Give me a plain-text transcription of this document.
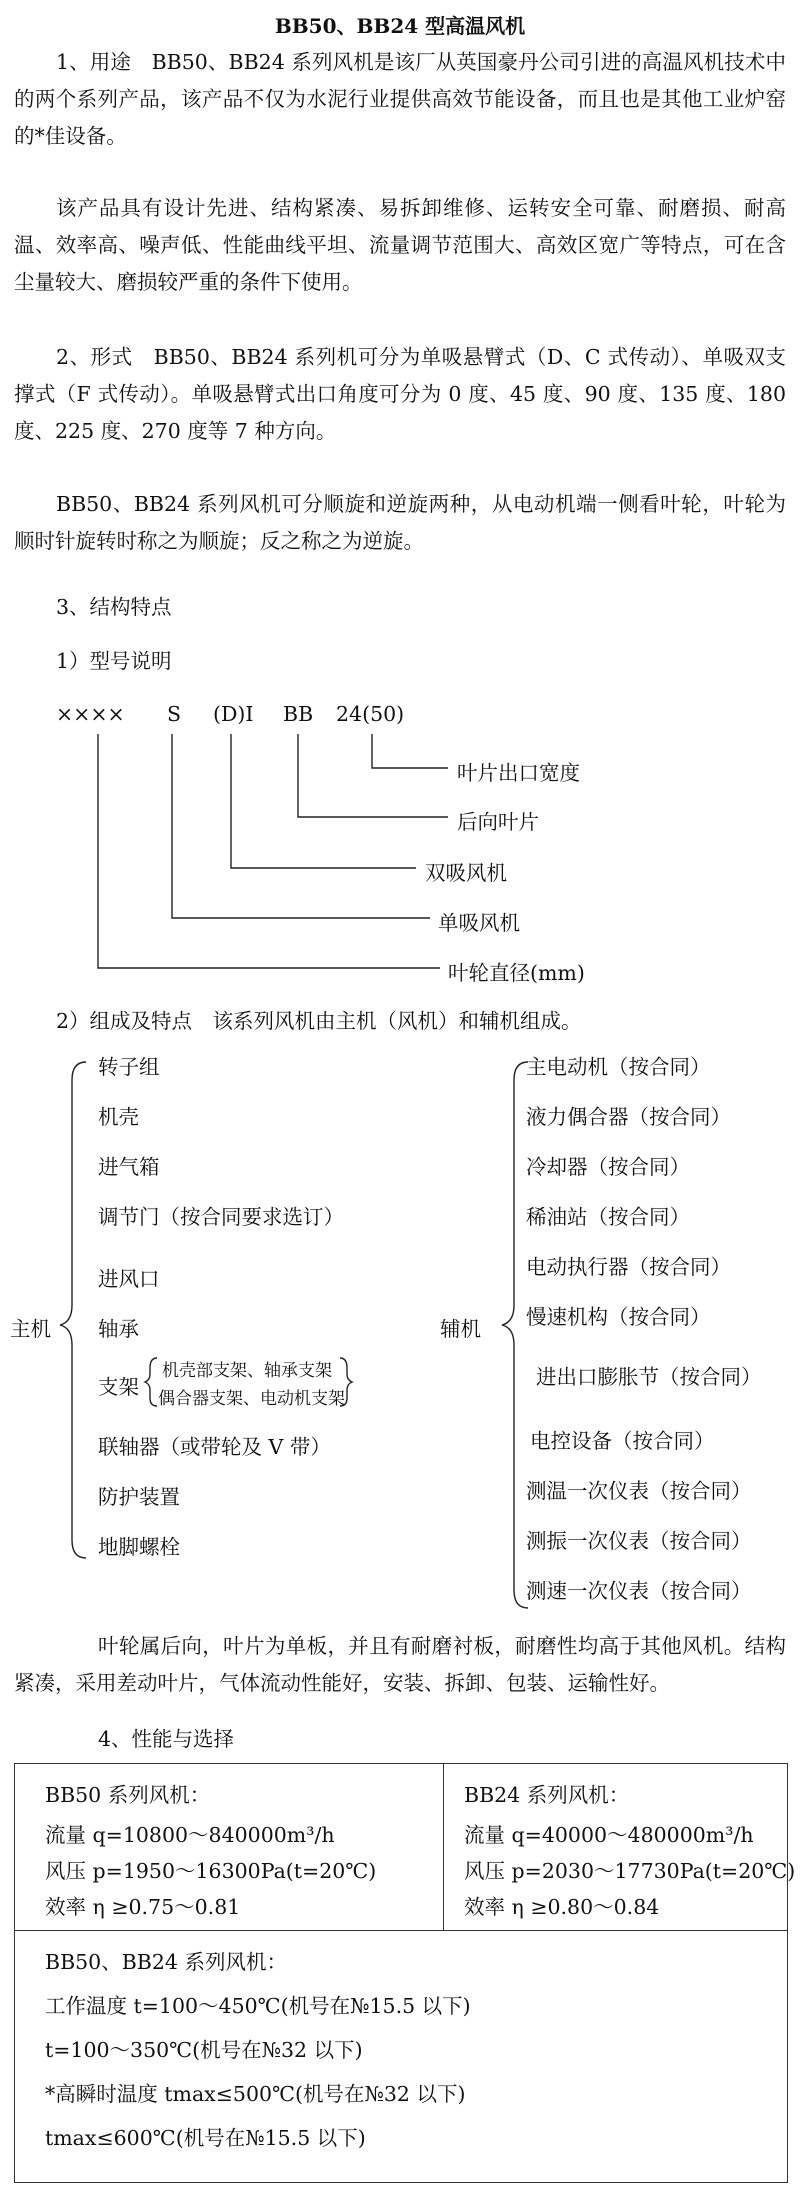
BB50、BB24 型高温风机
1、用途　BB50、BB24 系列风机是该厂从英国豪丹公司引进的高温风机技术中的两个系列产品，该产品不仅为水泥行业提供高效节能设备，而且也是其他工业炉窑的*佳设备。
该产品具有设计先进、结构紧凑、易拆卸维修、运转安全可靠、耐磨损、耐高温、效率高、噪声低、性能曲线平坦、流量调节范围大、高效区宽广等特点，可在含尘量较大、磨损较严重的条件下使用。
2、形式　BB50、BB24 系列机可分为单吸悬臂式（D、C 式传动）、单吸双支撑式（F 式传动）。单吸悬臂式出口角度可分为 0 度、45 度、90 度、135 度、180 度、225 度、270 度等 7 种方向。
BB50、BB24 系列风机可分顺旋和逆旋两种，从电动机端一侧看叶轮，叶轮为顺时针旋转时称之为顺旋；反之称之为逆旋。
3、结构特点
1）型号说明
×××× S (D)I BB 24(50)
叶片出口宽度
后向叶片
双吸风机
单吸风机
叶轮直径(mm)
2）组成及特点　该系列风机由主机（风机）和辅机组成。
主机
转子组
机壳
进气箱
调节门（按合同要求选订）
进风口
轴承
支架
机壳部支架、轴承支架
偶合器支架、电动机支架
联轴器（或带轮及 V 带）
防护装置
地脚螺栓
辅机
主电动机（按合同）
液力偶合器（按合同）
冷却器（按合同）
稀油站（按合同）
电动执行器（按合同）
慢速机构（按合同）
进出口膨胀节（按合同）
电控设备（按合同）
测温一次仪表（按合同）
测振一次仪表（按合同）
测速一次仪表（按合同）
叶轮属后向，叶片为单板，并且有耐磨衬板，耐磨性均高于其他风机。结构紧凑，采用差动叶片，气体流动性能好，安装、拆卸、包装、运输性好。
4、性能与选择
BB50 系列风机：
流量 q=10800～840000m³/h
风压 p=1950～16300Pa(t=20℃)
效率 η ≥0.75～0.81
BB24 系列风机：
流量 q=40000～480000m³/h
风压 p=2030～17730Pa(t=20℃)
效率 η ≥0.80～0.84
BB50、BB24 系列风机：
工作温度 t=100～450℃(机号在№15.5 以下)
t=100～350℃(机号在№32 以下)
*高瞬时温度 tmax≤500℃(机号在№32 以下)
tmax≤600℃(机号在№15.5 以下)
